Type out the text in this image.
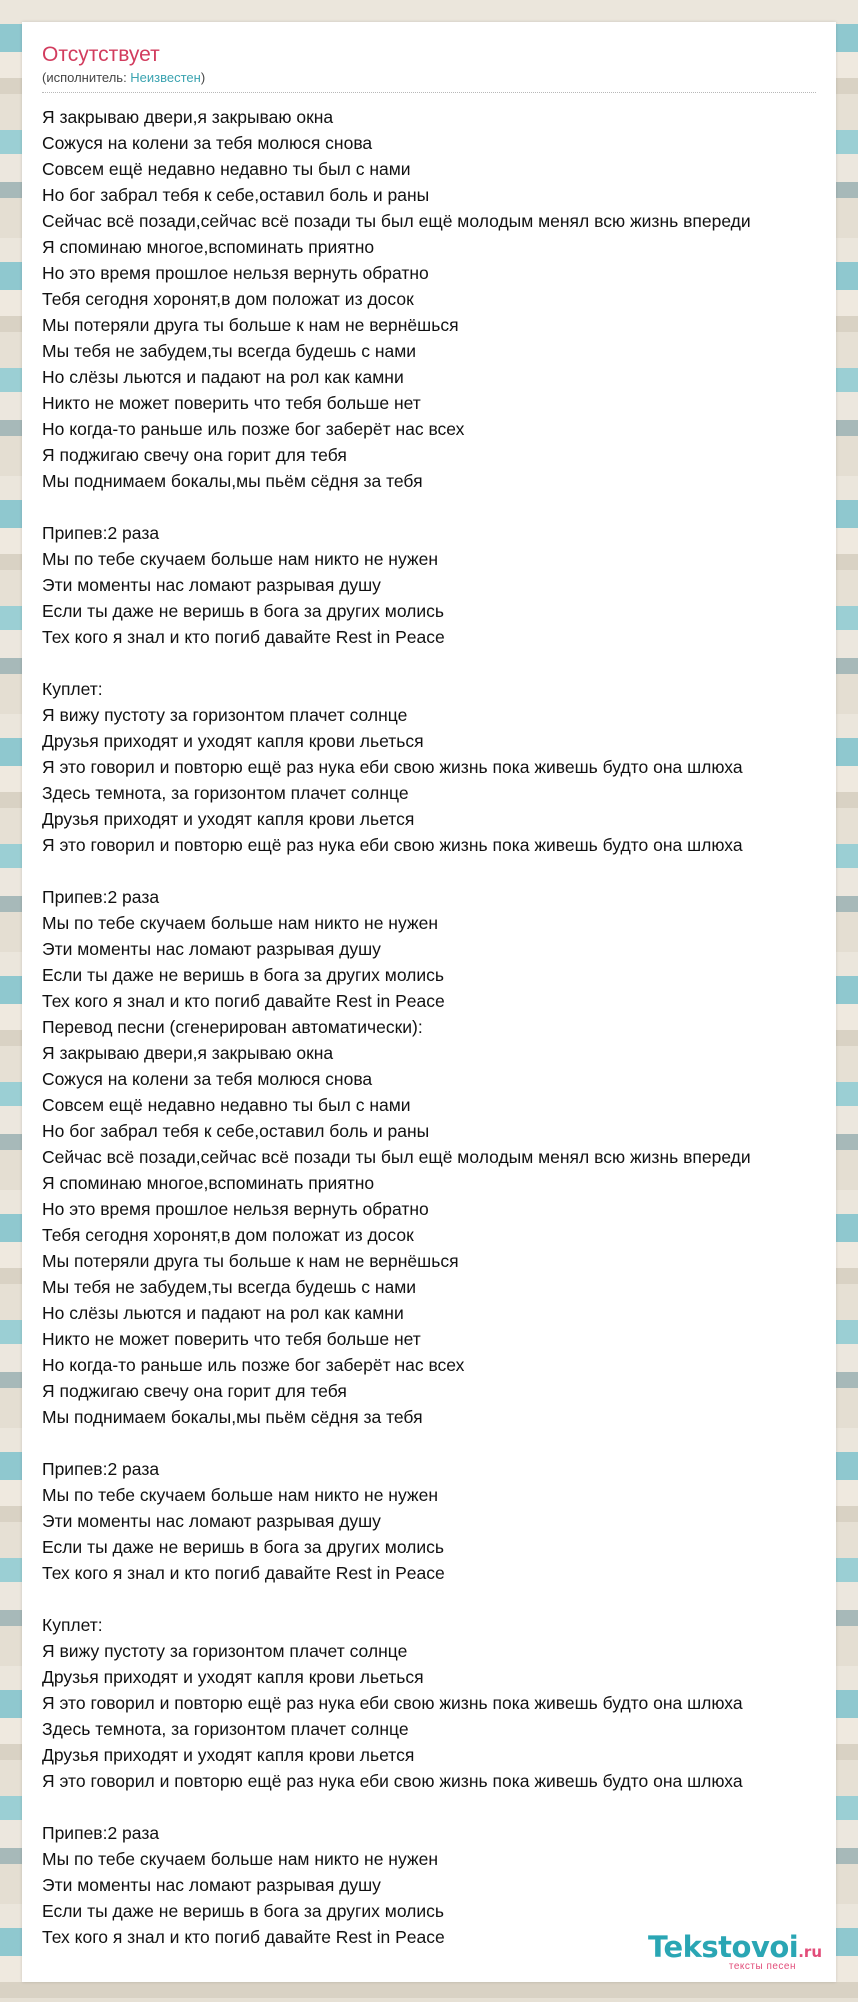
Отсутствует
(исполнитель: Неизвестен)
Я закрываю двери,я закрываю окна
Сожуся на колени за тебя молюся снова
Совсем ещё недавно недавно ты был с нами
Но бог забрал тебя к себе,оставил боль и раны
Сейчас всё позади,сейчас всё позади ты был ещё молодым менял всю жизнь впереди
Я споминаю многое,вспоминать приятно
Но это время прошлое нельзя вернуть обратно
Тебя сегодня хоронят,в дом положат из досок
Мы потеряли друга ты больше к нам не вернёшься
Мы тебя не забудем,ты всегда будешь с нами
Но слёзы льются и падают на рол как камни
Никто не может поверить что тебя больше нет
Но когда-то раньше иль позже бог заберёт нас всех
Я поджигаю свечу она горит для тебя
Мы поднимаем бокалы,мы пьём сёдня за тебя

Припев:2 раза
Мы по тебе скучаем больше нам никто не нужен
Эти моменты нас ломают разрывая душу
Если ты даже не веришь в бога за других молись
Тех кого я знал и кто погиб давайте Rest in Peace

Куплет:
Я вижу пустоту за горизонтом плачет солнце
Друзья приходят и уходят капля крови льеться
Я это говорил и повторю ещё раз нука еби свою жизнь пока живешь будто она шлюха
Здесь темнота, за горизонтом плачет солнце
Друзья приходят и уходят капля крови льется
Я это говорил и повторю ещё раз нука еби свою жизнь пока живешь будто она шлюха

Припев:2 раза
Мы по тебе скучаем больше нам никто не нужен
Эти моменты нас ломают разрывая душу
Если ты даже не веришь в бога за других молись
Тех кого я знал и кто погиб давайте Rest in Peace
Перевод песни (сгенерирован автоматически):
Я закрываю двери,я закрываю окна
Сожуся на колени за тебя молюся снова
Совсем ещё недавно недавно ты был с нами
Но бог забрал тебя к себе,оставил боль и раны
Сейчас всё позади,сейчас всё позади ты был ещё молодым менял всю жизнь впереди
Я споминаю многое,вспоминать приятно
Но это время прошлое нельзя вернуть обратно
Тебя сегодня хоронят,в дом положат из досок
Мы потеряли друга ты больше к нам не вернёшься
Мы тебя не забудем,ты всегда будешь с нами
Но слёзы льются и падают на рол как камни
Никто не может поверить что тебя больше нет
Но когда-то раньше иль позже бог заберёт нас всех
Я поджигаю свечу она горит для тебя
Мы поднимаем бокалы,мы пьём сёдня за тебя

Припев:2 раза
Мы по тебе скучаем больше нам никто не нужен
Эти моменты нас ломают разрывая душу
Если ты даже не веришь в бога за других молись
Тех кого я знал и кто погиб давайте Rest in Peace

Куплет:
Я вижу пустоту за горизонтом плачет солнце
Друзья приходят и уходят капля крови льеться
Я это говорил и повторю ещё раз нука еби свою жизнь пока живешь будто она шлюха
Здесь темнота, за горизонтом плачет солнце
Друзья приходят и уходят капля крови льется
Я это говорил и повторю ещё раз нука еби свою жизнь пока живешь будто она шлюха

Припев:2 раза
Мы по тебе скучаем больше нам никто не нужен
Эти моменты нас ломают разрывая душу
Если ты даже не веришь в бога за других молись
Тех кого я знал и кто погиб давайте Rest in Peace	Tekstovoi.ru
тексты песен
